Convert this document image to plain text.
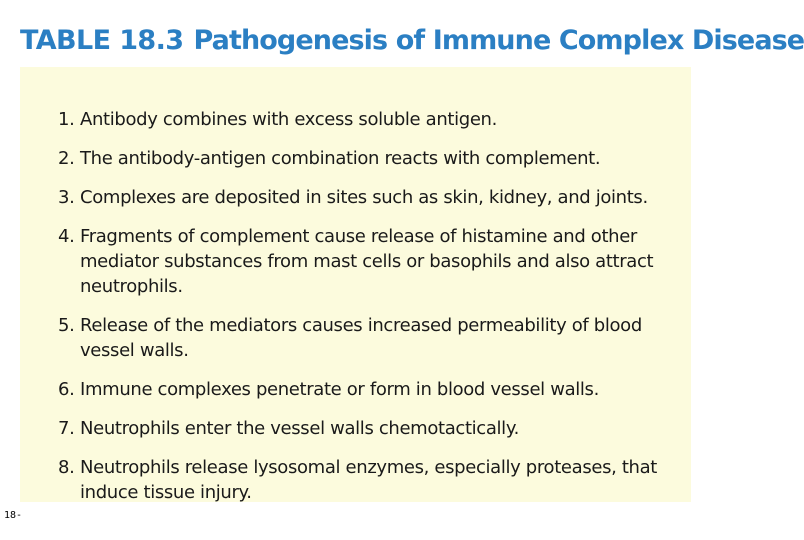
TABLE 18.3 Pathogenesis of Immune Complex Disease
1. Antibody combines with excess soluble antigen.
2. The antibody-antigen combination reacts with complement.
3. Complexes are deposited in sites such as skin, kidney, and joints.
4. Fragments of complement cause release of histamine and other mediator substances from mast cells or basophils and also attract neutrophils.
5. Release of the mediators causes increased permeability of blood vessel walls.
6. Immune complexes penetrate or form in blood vessel walls.
7. Neutrophils enter the vessel walls chemotactically.
8. Neutrophils release lysosomal enzymes, especially proteases, that induce tissue injury.
18-
